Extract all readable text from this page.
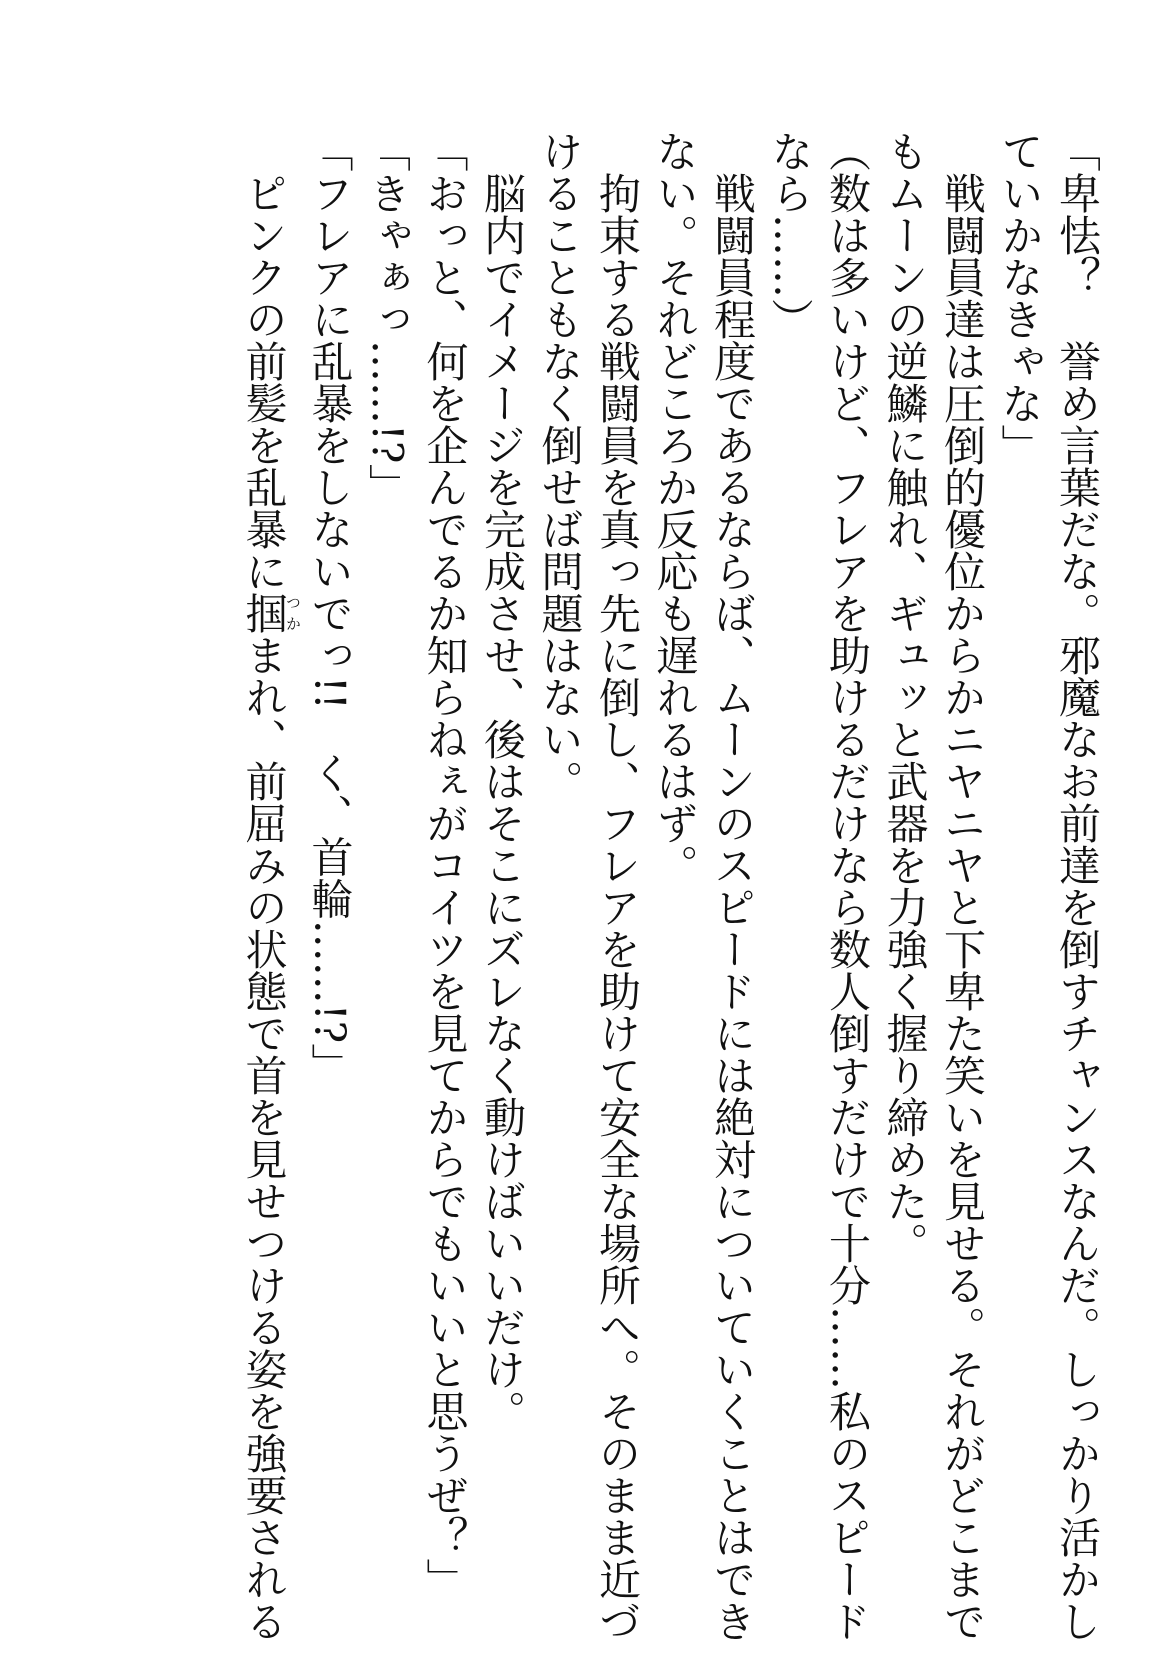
「卑怯？　誉め言葉だな。邪魔なお前達を倒すチャンスなんだ。しっかり活かし

ていかなきゃな」

　戦闘員達は圧倒的優位からかニヤニヤと下卑た笑いを見せる。それがどこまで

もムーンの逆鱗に触れ、ギュッと武器を力強く握り締めた。

（数は多いけど、フレアを助けるだけなら数人倒すだけで十分……私のスピード

なら……）

　戦闘員程度であるならば、ムーンのスピードには絶対についていくことはでき

ない。それどころか反応も遅れるはず。

　拘束する戦闘員を真っ先に倒し、フレアを助けて安全な場所へ。そのまま近づ

けることもなく倒せば問題はない。

　脳内でイメージを完成させ、後はそこにズレなく動けばいいだけ。

「おっと、何を企んでるか知らねぇがコイツを見てからでもいいと思うぜ？」

「きゃぁっ……!?」

「フレアに乱暴をしないでっ!!　く、首輪……!?」

　ピンクの前髪を乱暴に掴つかまれ、前屈みの状態で首を見せつける姿を強要される
